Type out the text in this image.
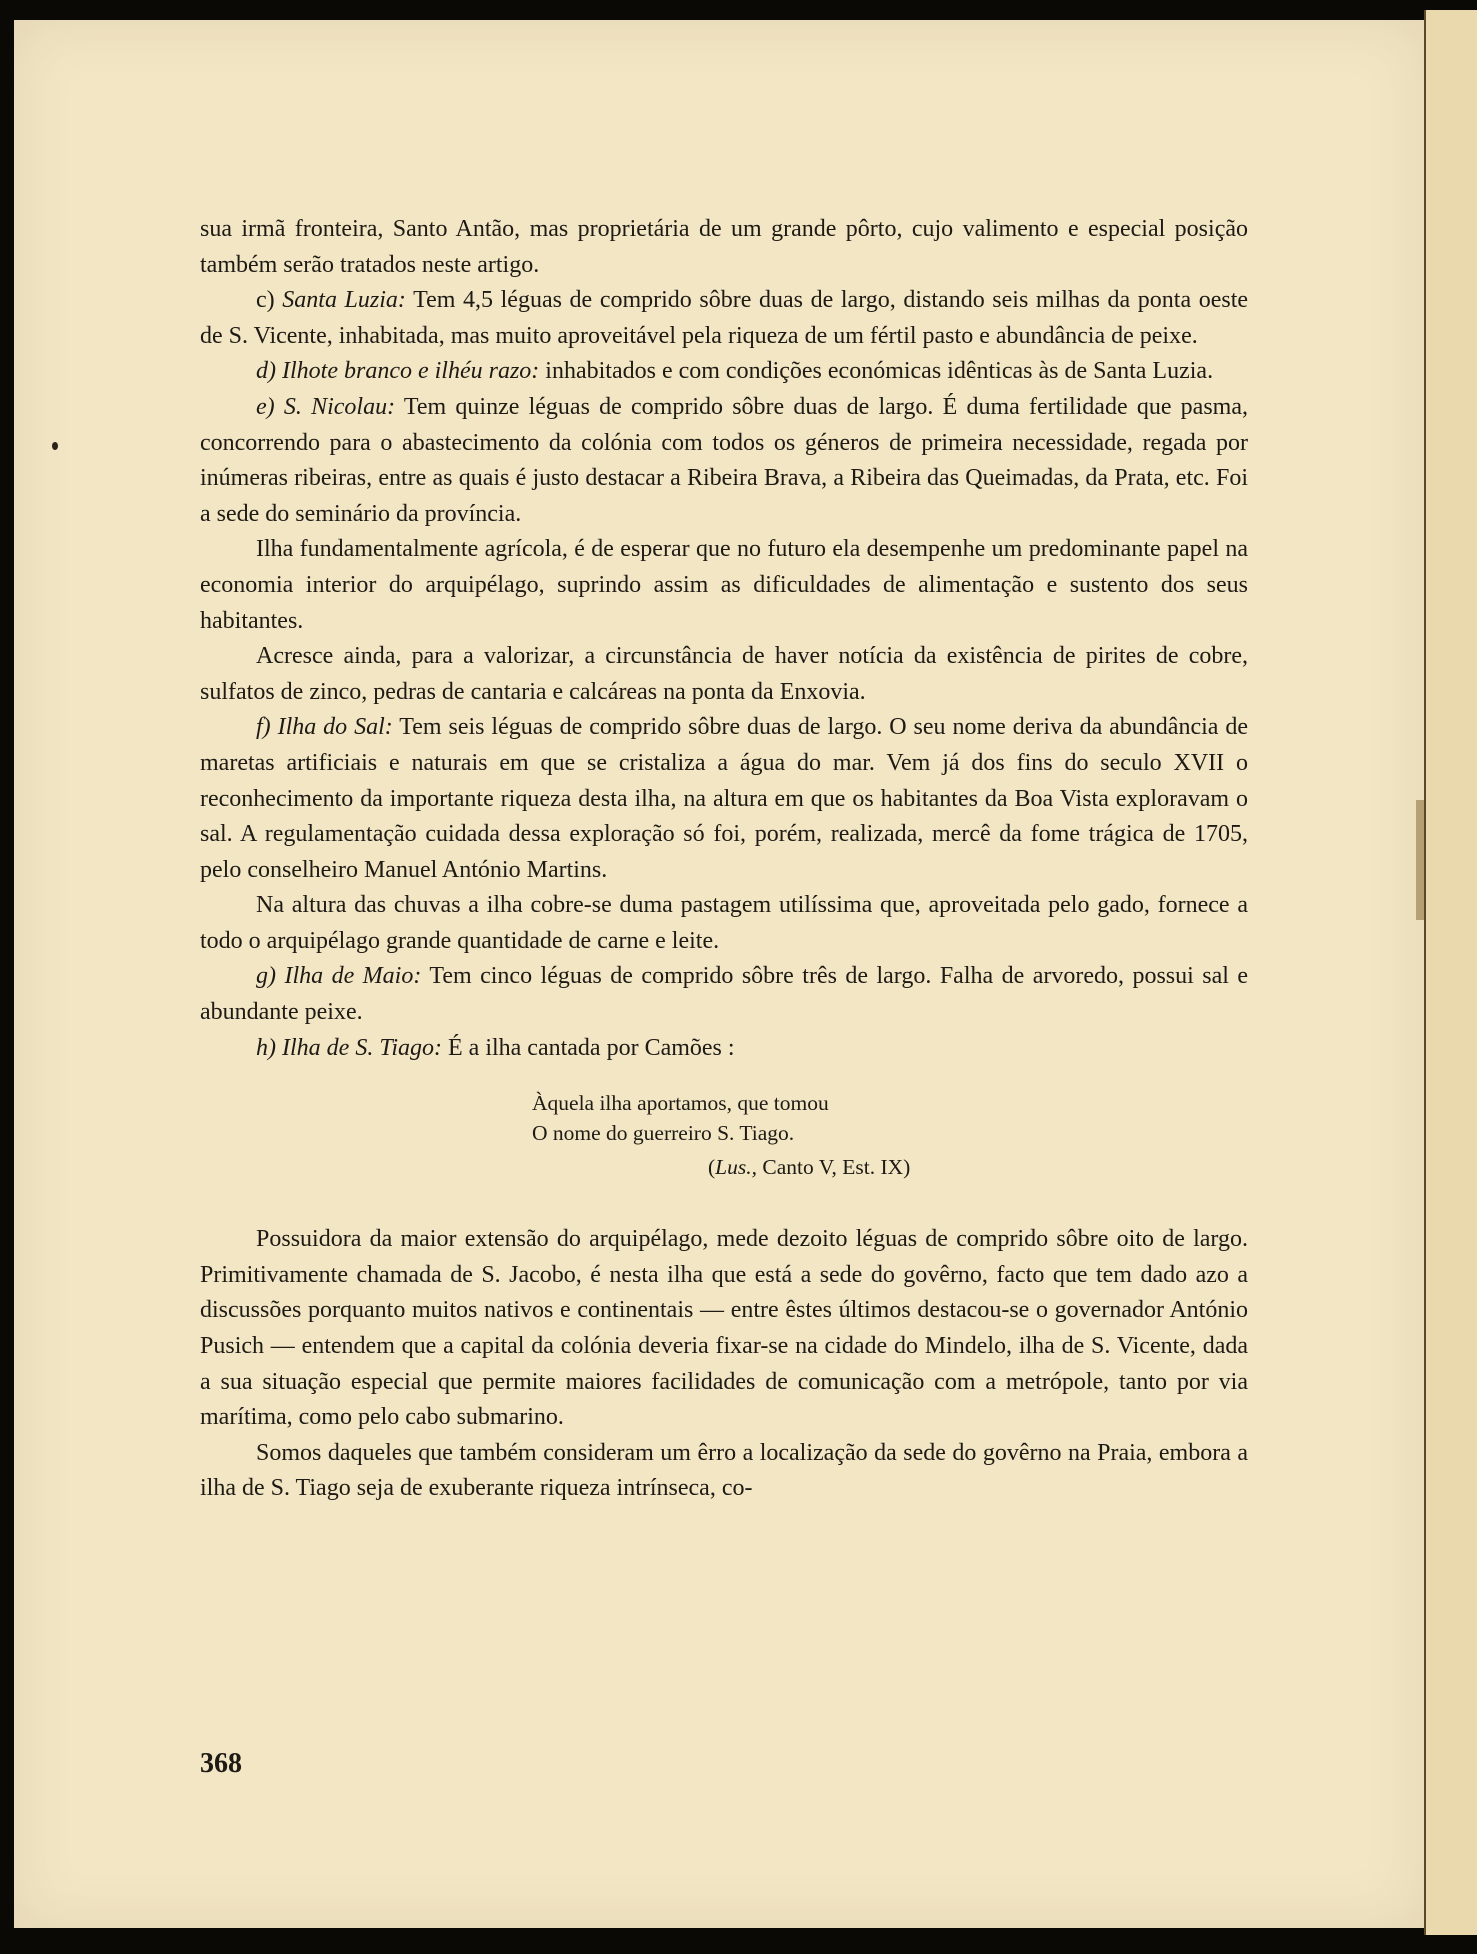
sua irmã fronteira, Santo Antão, mas proprietária de um grande pôrto, cujo valimento e especial posição também serão tratados neste artigo.

c) Santa Luzia: Tem 4,5 léguas de comprido sôbre duas de largo, distando seis milhas da ponta oeste de S. Vicente, inhabitada, mas muito aproveitável pela riqueza de um fértil pasto e abundância de peixe.

d) Ilhote branco e ilhéu razo: inhabitados e com condições económicas idênticas às de Santa Luzia.

e) S. Nicolau: Tem quinze léguas de comprido sôbre duas de largo. É duma fertilidade que pasma, concorrendo para o abastecimento da colónia com todos os géneros de primeira necessidade, regada por inúmeras ribeiras, entre as quais é justo destacar a Ribeira Brava, a Ribeira das Queimadas, da Prata, etc. Foi a sede do seminário da província.

Ilha fundamentalmente agrícola, é de esperar que no futuro ela desempenhe um predominante papel na economia interior do arquipélago, suprindo assim as dificuldades de alimentação e sustento dos seus habitantes.

Acresce ainda, para a valorizar, a circunstância de haver notícia da existência de pirites de cobre, sulfatos de zinco, pedras de cantaria e calcáreas na ponta da Enxovia.

f) Ilha do Sal: Tem seis léguas de comprido sôbre duas de largo. O seu nome deriva da abundância de maretas artificiais e naturais em que se cristaliza a água do mar. Vem já dos fins do seculo XVII o reconhecimento da importante riqueza desta ilha, na altura em que os habitantes da Boa Vista exploravam o sal. A regulamentação cuidada dessa exploração só foi, porém, realizada, mercê da fome trágica de 1705, pelo conselheiro Manuel António Martins.

Na altura das chuvas a ilha cobre-se duma pastagem utilíssima que, aproveitada pelo gado, fornece a todo o arquipélago grande quantidade de carne e leite.

g) Ilha de Maio: Tem cinco léguas de comprido sôbre três de largo. Falha de arvoredo, possui sal e abundante peixe.

h) Ilha de S. Tiago: É a ilha cantada por Camões :

Àquela ilha aportamos, que tomou
O nome do guerreiro S. Tiago.
(Lus., Canto V, Est. IX)

Possuidora da maior extensão do arquipélago, mede dezoito léguas de comprido sôbre oito de largo. Primitivamente chamada de S. Jacobo, é nesta ilha que está a sede do govêrno, facto que tem dado azo a discussões porquanto muitos nativos e continentais — entre êstes últimos destacou-se o governador António Pusich — entendem que a capital da colónia deveria fixar-se na cidade do Mindelo, ilha de S. Vicente, dada a sua situação especial que permite maiores facilidades de comunicação com a metrópole, tanto por via marítima, como pelo cabo submarino.

Somos daqueles que também consideram um êrro a localização da sede do govêrno na Praia, embora a ilha de S. Tiago seja de exuberante riqueza intrínseca, co-

368
